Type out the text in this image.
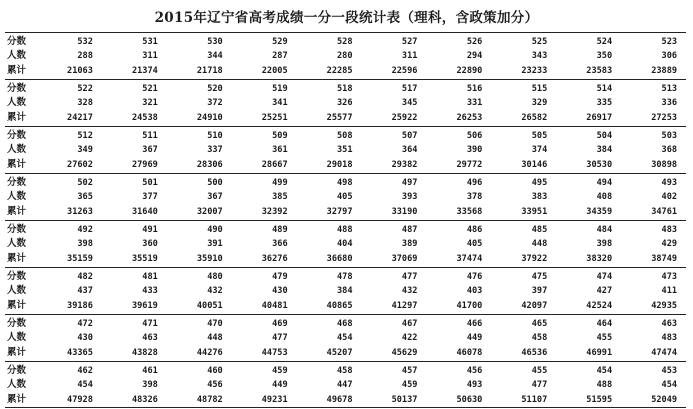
2015年辽宁省高考成绩一分一段统计表（理科，含政策加分）
分数	532	531	530	529	528	527	526	525	524	523
人数	288	311	344	287	280	311	294	343	350	306
累计	21063	21374	21718	22005	22285	22596	22890	23233	23583	23889
分数	522	521	520	519	518	517	516	515	514	513
人数	328	321	372	341	326	345	331	329	335	336
累计	24217	24538	24910	25251	25577	25922	26253	26582	26917	27253
分数	512	511	510	509	508	507	506	505	504	503
人数	349	367	337	361	351	364	390	374	384	368
累计	27602	27969	28306	28667	29018	29382	29772	30146	30530	30898
分数	502	501	500	499	498	497	496	495	494	493
人数	365	377	367	385	405	393	378	383	408	402
累计	31263	31640	32007	32392	32797	33190	33568	33951	34359	34761
分数	492	491	490	489	488	487	486	485	484	483
人数	398	360	391	366	404	389	405	448	398	429
累计	35159	35519	35910	36276	36680	37069	37474	37922	38320	38749
分数	482	481	480	479	478	477	476	475	474	473
人数	437	433	432	430	384	432	403	397	427	411
累计	39186	39619	40051	40481	40865	41297	41700	42097	42524	42935
分数	472	471	470	469	468	467	466	465	464	463
人数	430	463	448	477	454	422	449	458	455	483
累计	43365	43828	44276	44753	45207	45629	46078	46536	46991	47474
分数	462	461	460	459	458	457	456	455	454	453
人数	454	398	456	449	447	459	493	477	488	454
累计	47928	48326	48782	49231	49678	50137	50630	51107	51595	52049
